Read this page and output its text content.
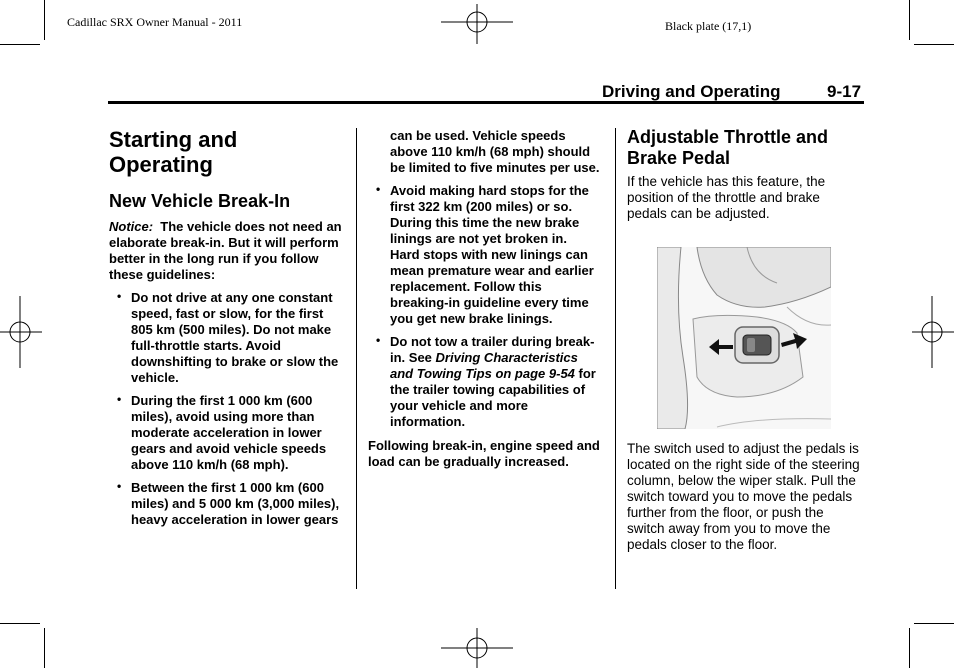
Cadillac SRX Owner Manual - 2011	Black plate (17,1)
Driving and Operating	9-17
Starting and Operating
New Vehicle Break-In

Notice: The vehicle does not need an elaborate break-in. But it will perform better in the long run if you follow these guidelines:

• Do not drive at any one constant speed, fast or slow, for the first 805 km (500 miles). Do not make full-throttle starts. Avoid downshifting to brake or slow the vehicle.
• During the first 1 000 km (600 miles), avoid using more than moderate acceleration in lower gears and avoid vehicle speeds above 110 km/h (68 mph).
• Between the first 1 000 km (600 miles) and 5 000 km (3,000 miles), heavy acceleration in lower gears

can be used. Vehicle speeds above 110 km/h (68 mph) should be limited to five minutes per use.

• Avoid making hard stops for the first 322 km (200 miles) or so. During this time the new brake linings are not yet broken in. Hard stops with new linings can mean premature wear and earlier replacement. Follow this breaking-in guideline every time you get new brake linings.
• Do not tow a trailer during break-in. See Driving Characteristics and Towing Tips on page 9-54 for the trailer towing capabilities of your vehicle and more information.

Following break-in, engine speed and load can be gradually increased.

Adjustable Throttle and Brake Pedal

If the vehicle has this feature, the position of the throttle and brake pedals can be adjusted.

The switch used to adjust the pedals is located on the right side of the steering column, below the wiper stalk. Pull the switch toward you to move the pedals further from the floor, or push the switch away from you to move the pedals closer to the floor.
